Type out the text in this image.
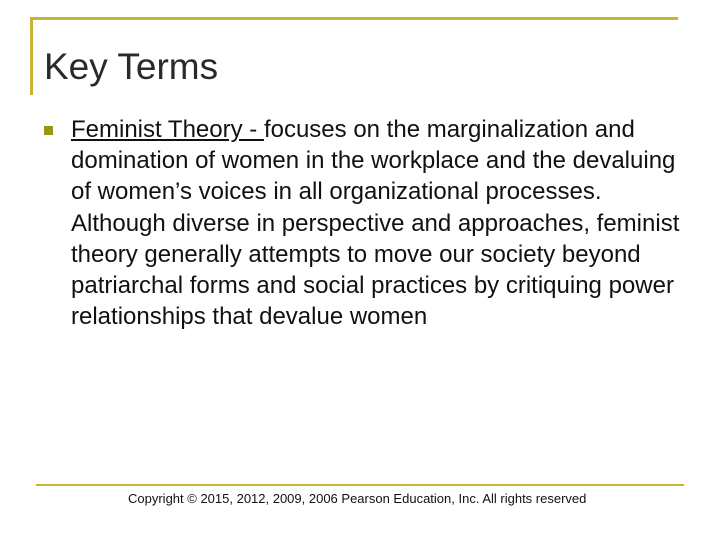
Key Terms

Feminist Theory - focuses on the marginalization and domination of women in the workplace and the devaluing of women’s voices in all organizational processes. Although diverse in perspective and approaches, feminist theory generally attempts to move our society beyond patriarchal forms and social practices by critiquing power relationships that devalue women

Copyright © 2015, 2012, 2009, 2006 Pearson Education, Inc. All rights reserved
